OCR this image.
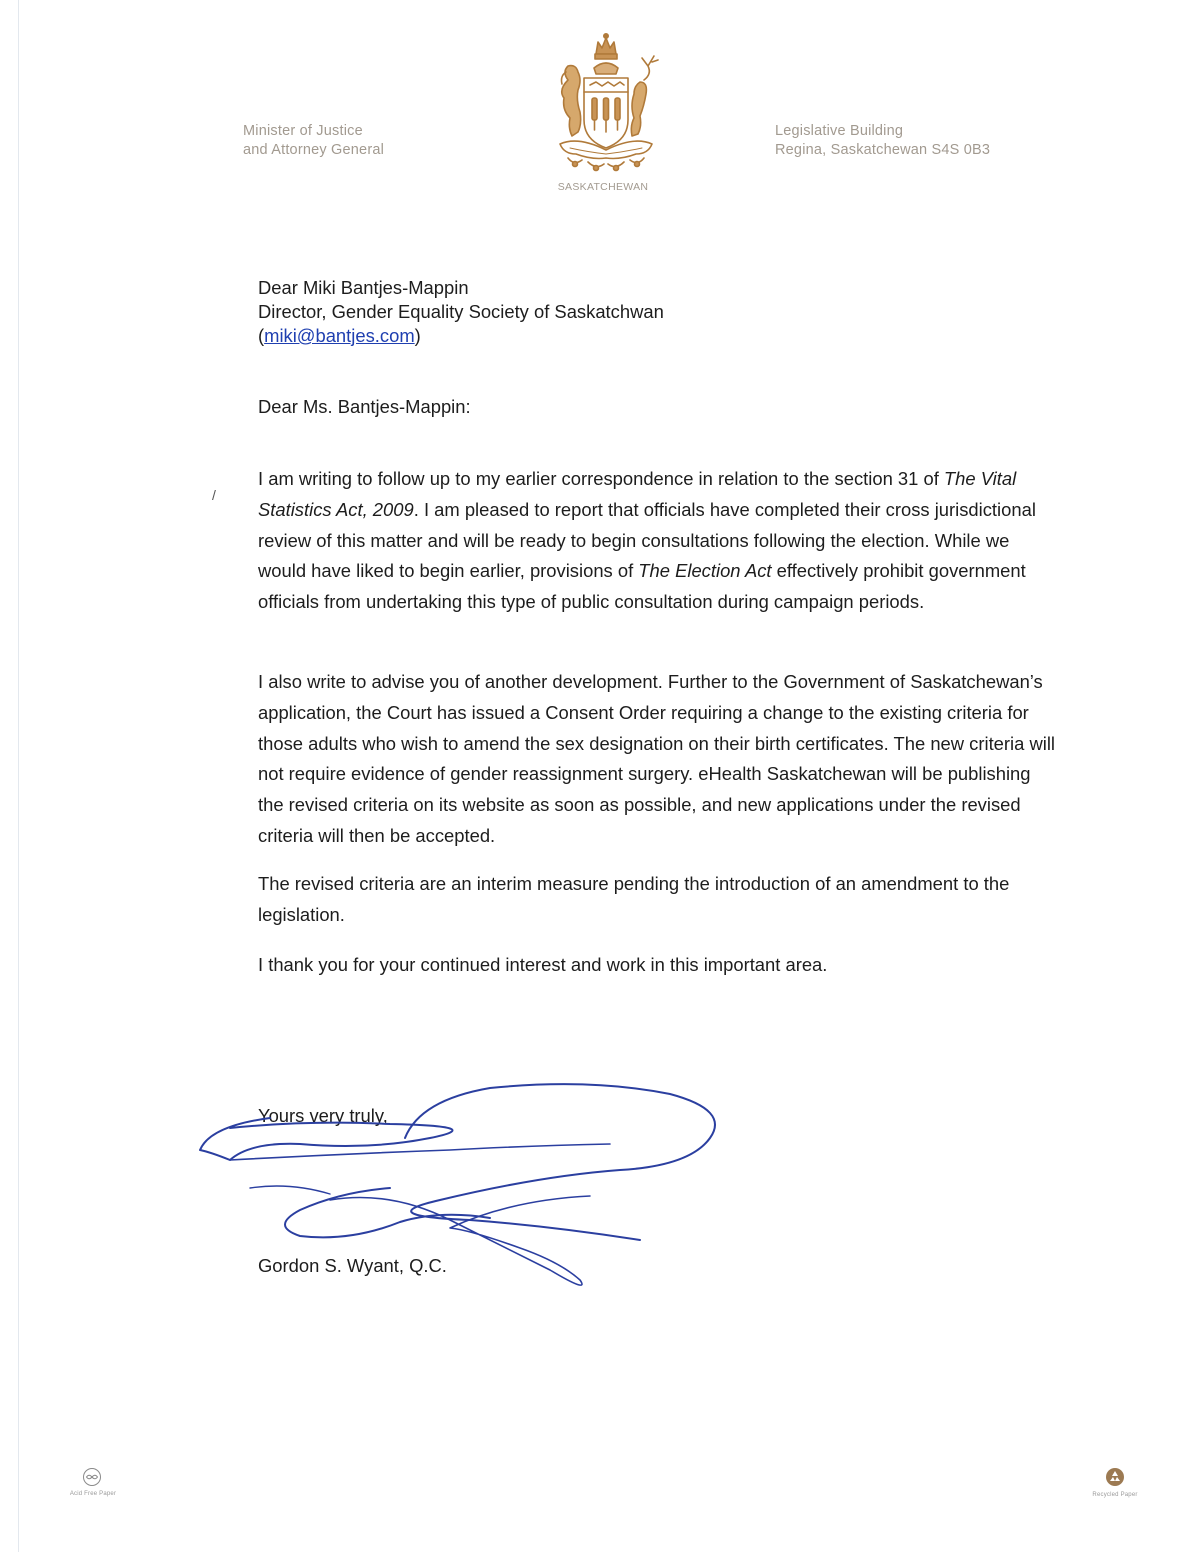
Minister of Justice
and Attorney General
SASKATCHEWAN
Legislative Building
Regina, Saskatchewan S4S 0B3
Dear Miki Bantjes-Mappin
Director, Gender Equality Society of Saskatchwan
(miki@bantjes.com)
Dear Ms. Bantjes-Mappin:
/

I am writing to follow up to my earlier correspondence in relation to the section 31 of The Vital Statistics Act, 2009. I am pleased to report that officials have completed their cross jurisdictional review of this matter and will be ready to begin consultations following the election. While we would have liked to begin earlier, provisions of The Election Act effectively prohibit government officials from undertaking this type of public consultation during campaign periods.

I also write to advise you of another development. Further to the Government of Saskatchewan’s application, the Court has issued a Consent Order requiring a change to the existing criteria for those adults who wish to amend the sex designation on their birth certificates. The new criteria will not require evidence of gender reassignment surgery. eHealth Saskatchewan will be publishing the revised criteria on its website as soon as possible, and new applications under the revised criteria will then be accepted.

The revised criteria are an interim measure pending the introduction of an amendment to the legislation.

I thank you for your continued interest and work in this important area.

Yours very truly,
Gordon S. Wyant, Q.C.
Acid Free Paper	Recycled Paper
